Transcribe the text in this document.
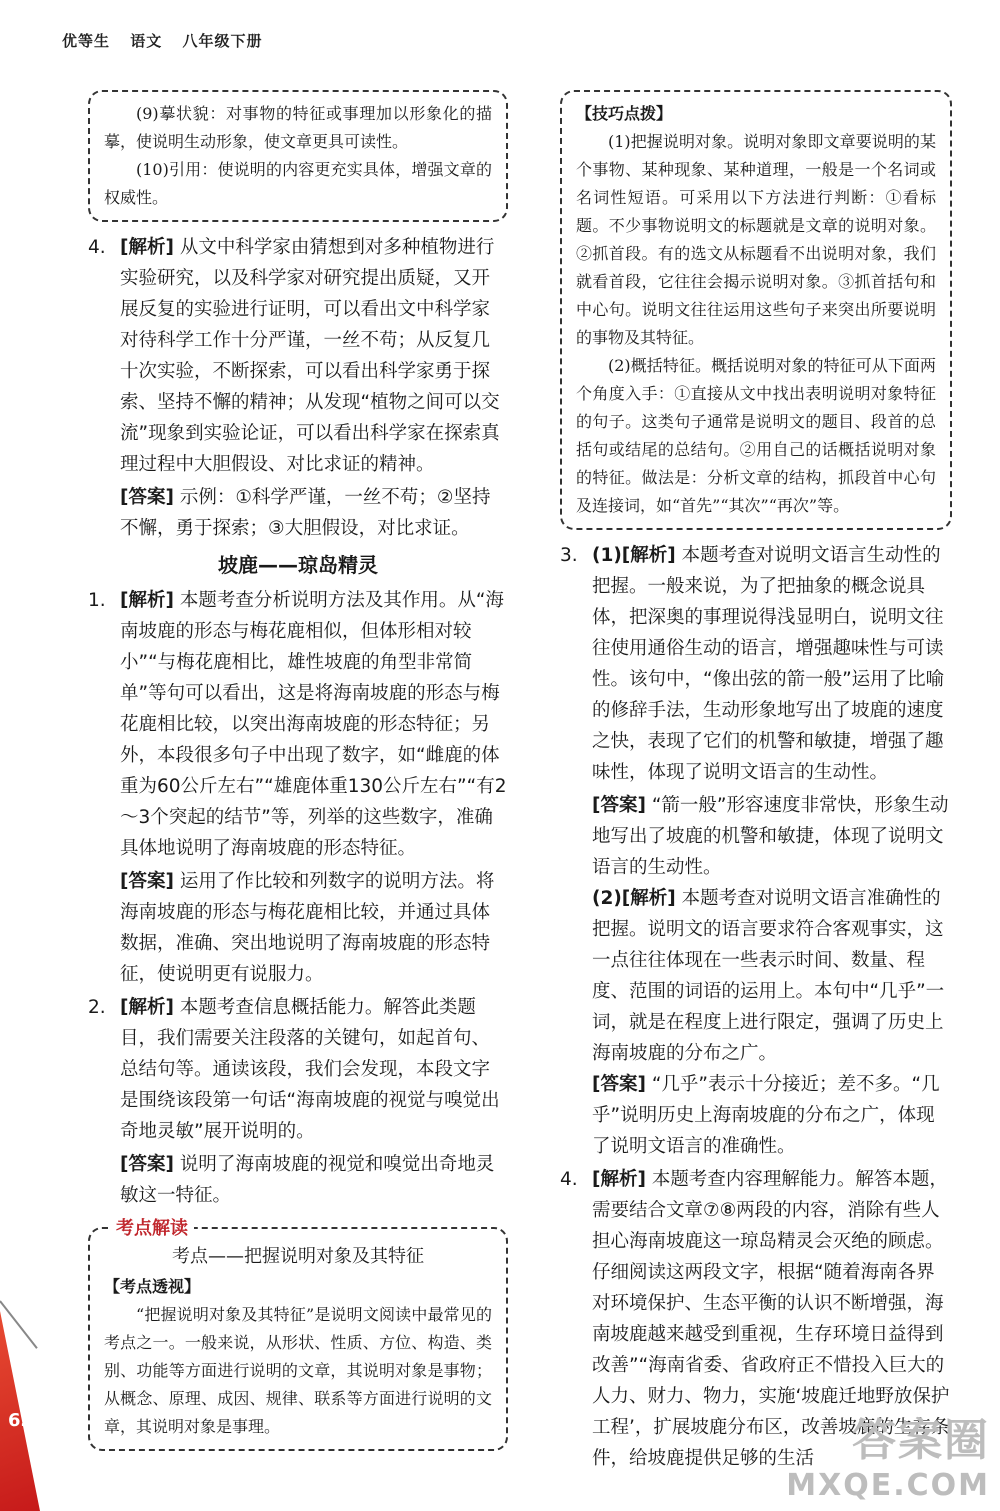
优等生 语文 八年级下册

(9)摹状貌：对事物的特征或事理加以形象化的描摹，使说明生动形象，使文章更具可读性。

(10)引用：使说明的内容更充实具体，增强文章的权威性。

4. [解析] 从文中科学家由猜想到对多种植物进行实验研究，以及科学家对研究提出质疑，又开展反复的实验进行证明，可以看出文中科学家对待科学工作十分严谨，一丝不苟；从反复几十次实验，不断探索，可以看出科学家勇于探索、坚持不懈的精神；从发现“植物之间可以交流”现象到实验论证，可以看出科学家在探索真理过程中大胆假设、对比求证的精神。
[答案] 示例：①科学严谨，一丝不苟；②坚持不懈，勇于探索；③大胆假设，对比求证。
坡鹿——琼岛精灵
1. [解析] 本题考查分析说明方法及其作用。从“海南坡鹿的形态与梅花鹿相似，但体形相对较小”“与梅花鹿相比，雄性坡鹿的角型非常简单”等句可以看出，这是将海南坡鹿的形态与梅花鹿相比较，以突出海南坡鹿的形态特征；另外，本段很多句子中出现了数字，如“雌鹿的体重为60公斤左右”“雄鹿体重130公斤左右”“有2～3个突起的结节”等，列举的这些数字，准确具体地说明了海南坡鹿的形态特征。
[答案] 运用了作比较和列数字的说明方法。将海南坡鹿的形态与梅花鹿相比较，并通过具体数据，准确、突出地说明了海南坡鹿的形态特征，使说明更有说服力。
2. [解析] 本题考查信息概括能力。解答此类题目，我们需要关注段落的关键句，如起首句、总结句等。通读该段，我们会发现，本段文字是围绕该段第一句话“海南坡鹿的视觉与嗅觉出奇地灵敏”展开说明的。
[答案] 说明了海南坡鹿的视觉和嗅觉出奇地灵敏这一特征。
考点解读
考点——把握说明对象及其特征
【考点透视】

“把握说明对象及其特征”是说明文阅读中最常见的考点之一。一般来说，从形状、性质、方位、构造、类别、功能等方面进行说明的文章，其说明对象是事物；从概念、原理、成因、规律、联系等方面进行说明的文章，其说明对象是事理。

【技巧点拨】

(1)把握说明对象。说明对象即文章要说明的某个事物、某种现象、某种道理，一般是一个名词或名词性短语。可采用以下方法进行判断：①看标题。不少事物说明文的标题就是文章的说明对象。②抓首段。有的选文从标题看不出说明对象，我们就看首段，它往往会揭示说明对象。③抓首括句和中心句。说明文往往运用这些句子来突出所要说明的事物及其特征。

(2)概括特征。概括说明对象的特征可从下面两个角度入手：①直接从文中找出表明说明对象特征的句子。这类句子通常是说明文的题目、段首的总括句或结尾的总结句。②用自己的话概括说明对象的特征。做法是：分析文章的结构，抓段首中心句及连接词，如“首先”“其次”“再次”等。

3. (1)[解析] 本题考查对说明文语言生动性的把握。一般来说，为了把抽象的概念说具体，把深奥的事理说得浅显明白，说明文往往使用通俗生动的语言，增强趣味性与可读性。该句中，“像出弦的箭一般”运用了比喻的修辞手法，生动形象地写出了坡鹿的速度之快，表现了它们的机警和敏捷，增强了趣味性，体现了说明文语言的生动性。
[答案] “箭一般”形容速度非常快，形象生动地写出了坡鹿的机警和敏捷，体现了说明文语言的生动性。
(2)[解析] 本题考查对说明文语言准确性的把握。说明文的语言要求符合客观事实，这一点往往体现在一些表示时间、数量、程度、范围的词语的运用上。本句中“几乎”一词，就是在程度上进行限定，强调了历史上海南坡鹿的分布之广。
[答案] “几乎”表示十分接近；差不多。“几乎”说明历史上海南坡鹿的分布之广，体现了说明文语言的准确性。
4. [解析] 本题考查内容理解能力。解答本题，需要结合文章⑦⑧两段的内容，消除有些人担心海南坡鹿这一琼岛精灵会灭绝的顾虑。仔细阅读这两段文字，根据“随着海南各界对环境保护、生态平衡的认识不断增强，海南坡鹿越来越受到重视，生存环境日益得到改善”“海南省委、省政府正不惜投入巨大的人力、财力、物力，实施‘坡鹿迁地野放保护工程’，扩展坡鹿分布区，改善坡鹿的生存条件，给坡鹿提供足够的生活
62	答案圈
MXQE.COM
